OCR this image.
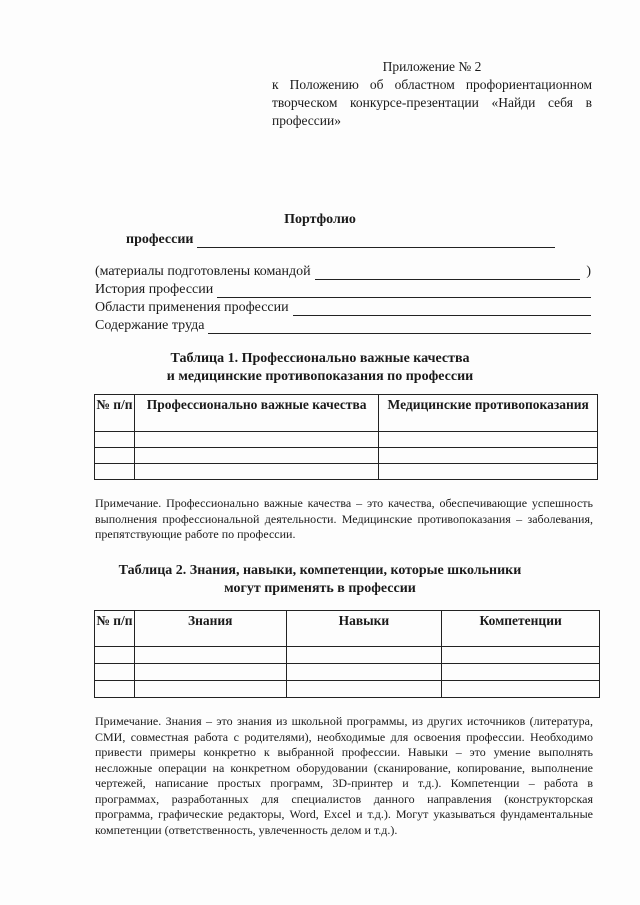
Приложение № 2
к Положению об областном профориентационном творческом конкурсе-презентации «Найди себя в профессии»
Портфолио
профессии
(материалы подготовлены командой	)
История профессии
Области применения профессии
Содержание труда
Таблица 1. Профессионально важные качества
и медицинские противопоказания по профессии
№ п/п	Профессионально важные качества	Медицинские противопоказания

Примечание. Профессионально важные качества – это качества, обеспечивающие успешность выполнения профессиональной деятельности. Медицинские противопоказания – заболевания, препятствующие работе по профессии.
Таблица 2. Знания, навыки, компетенции, которые школьники
могут применять в профессии
№ п/п	Знания	Навыки	Компетенции

Примечание. Знания – это знания из школьной программы, из других источников (литература, СМИ, совместная работа с родителями), необходимые для освоения профессии. Необходимо привести примеры конкретно к выбранной профессии. Навыки – это умение выполнять несложные операции на конкретном оборудовании (сканирование, копирование, выполнение чертежей, написание простых программ, 3D-принтер и т.д.). Компетенции – работа в программах, разработанных для специалистов данного направления (конструкторская программа, графические редакторы, Word, Excel и т.д.). Могут указываться фундаментальные компетенции (ответственность, увлеченность делом и т.д.).
